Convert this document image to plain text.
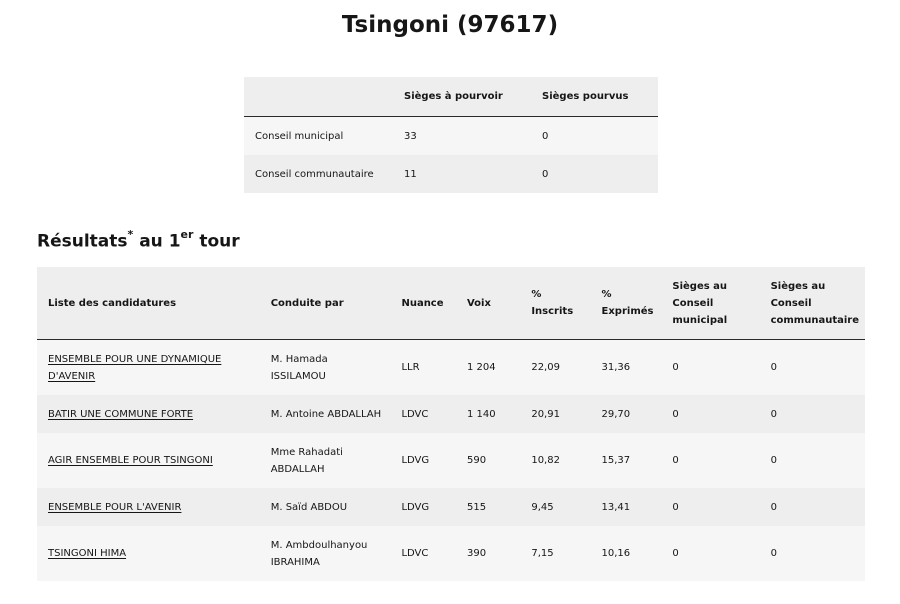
Tsingoni (97617)
	Sièges à pourvoir	Sièges pourvus
Conseil municipal	33	0
Conseil communautaire	11	0
Résultats* au 1er tour
Liste des candidatures	Conduite par	Nuance	Voix	% Inscrits	% Exprimés	Sièges au Conseil municipal	Sièges au Conseil communautaire
ENSEMBLE POUR UNE DYNAMIQUE D'AVENIR	M. Hamada ISSILAMOU	LLR	1 204	22,09	31,36	0	0
BATIR UNE COMMUNE FORTE	M. Antoine ABDALLAH	LDVC	1 140	20,91	29,70	0	0
AGIR ENSEMBLE POUR TSINGONI	Mme Rahadati ABDALLAH	LDVG	590	10,82	15,37	0	0
ENSEMBLE POUR L'AVENIR	M. Saïd ABDOU	LDVG	515	9,45	13,41	0	0
TSINGONI HIMA	M. Ambdoulhanyou IBRAHIMA	LDVC	390	7,15	10,16	0	0
